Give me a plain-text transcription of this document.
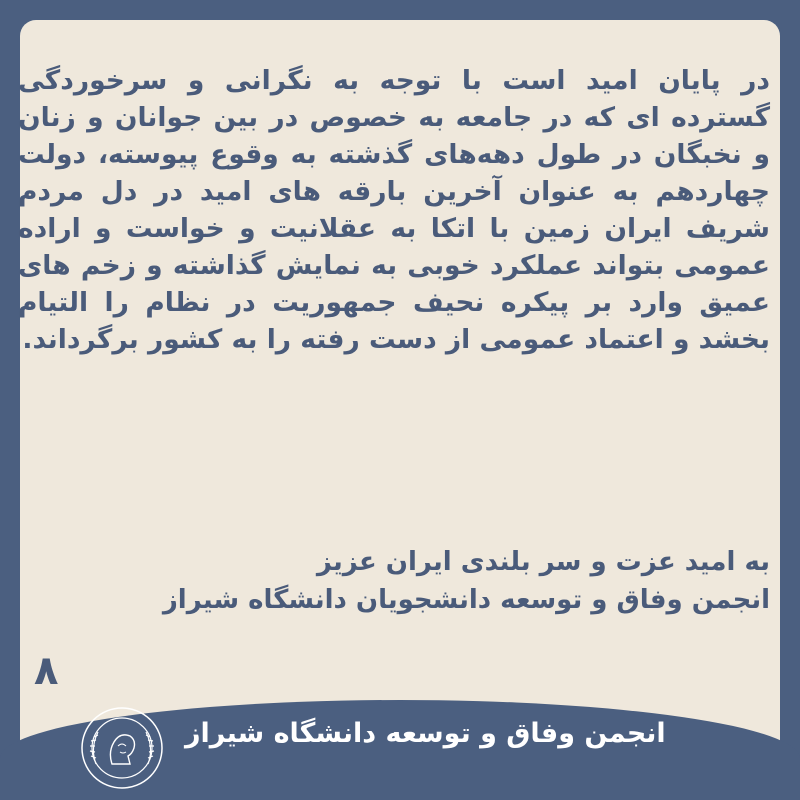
در پایان امید است با توجه به نگرانی و سرخوردگی گسترده ای که در جامعه به خصوص در بین جوانان و زنان و نخبگان در طول دهه‌های گذشته به وقوع پیوسته، دولت چهاردهم به عنوان آخرین بارقه های امید در دل مردم شریف ایران زمین با اتکا به عقلانیت و خواست و اراده عمومی بتواند عملکرد خوبی به نمایش گذاشته و زخم های عمیق وارد بر پیکره نحیف جمهوریت در نظام را التیام بخشد و اعتماد عمومی از دست رفته را به کشور برگرداند.
به امید عزت و سر بلندی ایران عزیز
انجمن وفاق و توسعه دانشجویان دانشگاه شیراز
۸
انجمن وفاق و توسعه دانشگاه شیراز
